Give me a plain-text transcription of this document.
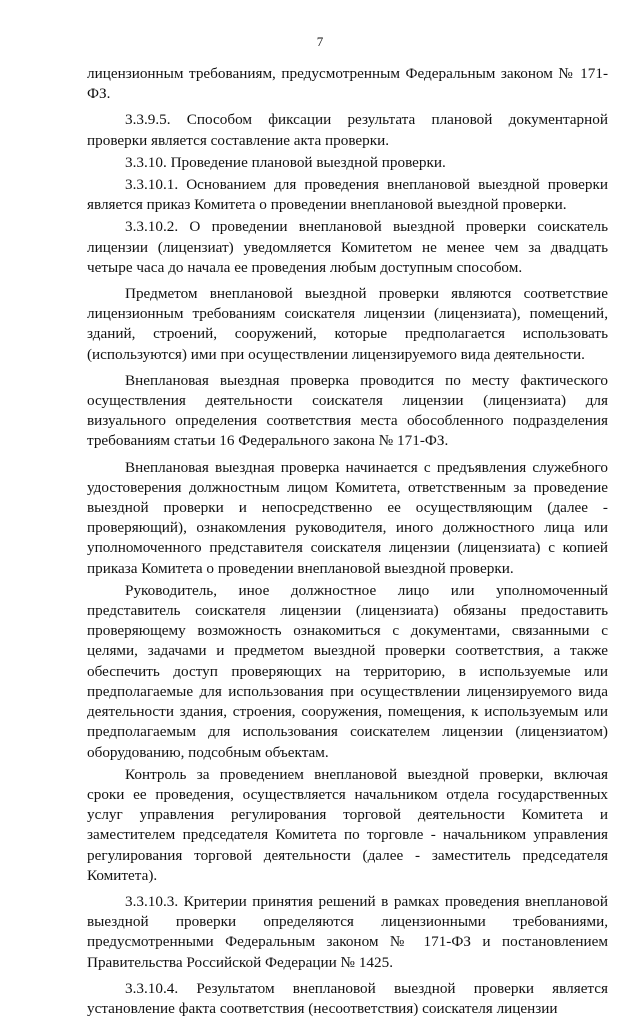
7

лицензионным требованиям, предусмотренным Федеральным законом № 171-ФЗ.

3.3.9.5. Способом фиксации результата плановой документарной проверки является составление акта проверки.

3.3.10. Проведение плановой выездной проверки.

3.3.10.1. Основанием для проведения внеплановой выездной проверки является приказ Комитета о проведении внеплановой выездной проверки.

3.3.10.2. О проведении внеплановой выездной проверки соискатель лицензии (лицензиат) уведомляется Комитетом не менее чем за двадцать четыре часа до начала ее проведения любым доступным способом.

Предметом внеплановой выездной проверки являются соответствие лицензионным требованиям соискателя лицензии (лицензиата), помещений, зданий, строений, сооружений, которые предполагается использовать (используются) ими при осуществлении лицензируемого вида деятельности.

Внеплановая выездная проверка проводится по месту фактического осуществления деятельности соискателя лицензии (лицензиата) для визуального определения соответствия места обособленного подразделения требованиям статьи 16 Федерального закона № 171-ФЗ.

Внеплановая выездная проверка начинается с предъявления служебного удостоверения должностным лицом Комитета, ответственным за проведение выездной проверки и непосредственно ее осуществляющим (далее - проверяющий), ознакомления руководителя, иного должностного лица или уполномоченного представителя соискателя лицензии (лицензиата) с копией приказа Комитета о проведении внеплановой выездной проверки.

Руководитель, иное должностное лицо или уполномоченный представитель соискателя лицензии (лицензиата) обязаны предоставить проверяющему возможность ознакомиться с документами, связанными с целями, задачами и предметом выездной проверки соответствия, а также обеспечить доступ проверяющих на территорию, в используемые или предполагаемые для использования при осуществлении лицензируемого вида деятельности здания, строения, сооружения, помещения, к используемым или предполагаемым для использования соискателем лицензии (лицензиатом) оборудованию, подсобным объектам.

Контроль за проведением внеплановой выездной проверки, включая сроки ее проведения, осуществляется начальником отдела государственных услуг управления регулирования торговой деятельности Комитета и заместителем председателя Комитета по торговле - начальником управления регулирования торговой деятельности (далее - заместитель председателя Комитета).

3.3.10.3. Критерии принятия решений в рамках проведения внеплановой выездной проверки определяются лицензионными требованиями, предусмотренными Федеральным законом № 171-ФЗ и постановлением Правительства Российской Федерации № 1425.

3.3.10.4. Результатом внеплановой выездной проверки является установление факта соответствия (несоответствия) соискателя лицензии
